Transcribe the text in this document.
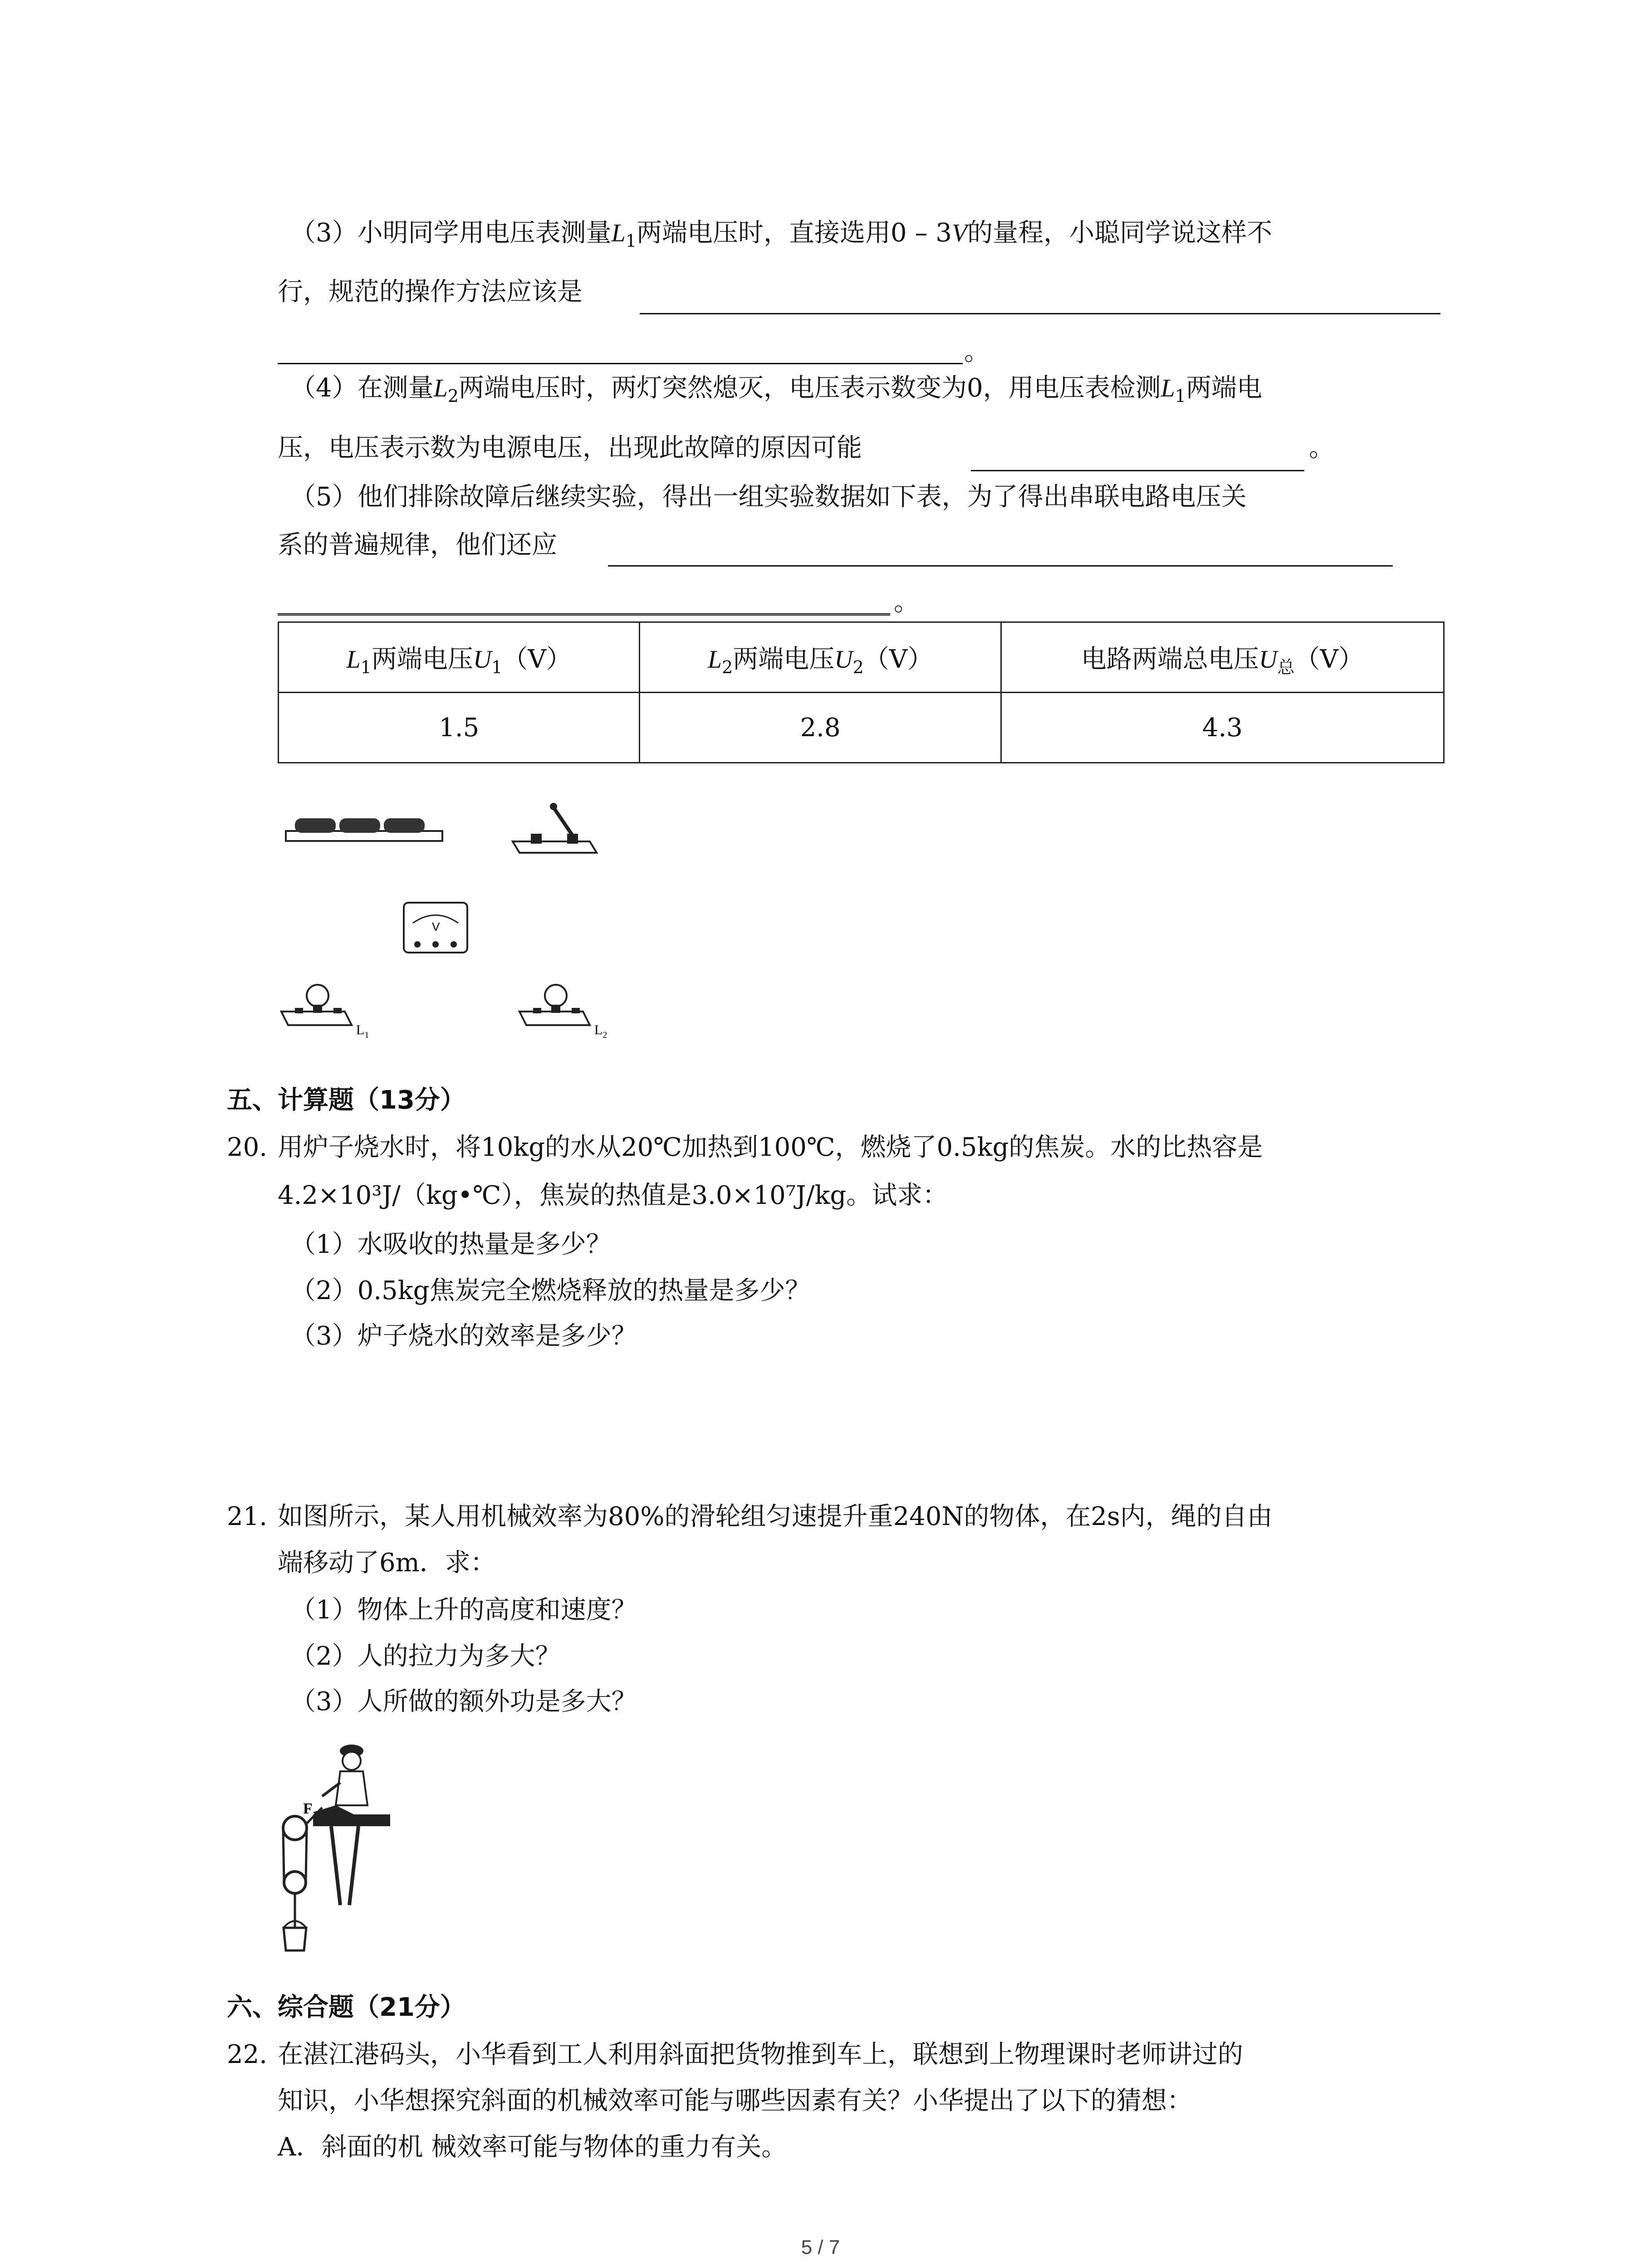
（3）小明同学用电压表测量$L_1$两端电压时，直接选用0 – 3V的量程，小聪同学说这样不
行，规范的操作方法应该是
。
（4）在测量$L_2$两端电压时，两灯突然熄灭，电压表示数变为0，用电压表检测$L_1$两端电
压，电压表示数为电源电压，出现此故障的原因可能	。
（5）他们排除故障后继续实验，得出一组实验数据如下表，为了得出串联电路电压关
系的普遍规律，他们还应
。
$L_1$两端电压$U_1(V)$	$L_2$两端电压$U_2(V)$	电路两端总电压$U_总(V)$
1.5	2.8	4.3
V
$L_1$	$L_2$
五、计算题（13分）
20. 用炉子烧水时，将10kg的水从20℃加热到100℃，燃烧了0.5kg的焦炭。水的比热容是
4.2×10³J/（kg•℃），焦炭的热值是3.0×10⁷J/kg。试求：
（1）水吸收的热量是多少？
（2）0.5kg焦炭完全燃烧释放的热量是多少？
（3）炉子烧水的效率是多少？
21. 如图所示，某人用机械效率为80%的滑轮组匀速提升重240N的物体，在2s内，绳的自由
端移动了6m．求：
（1）物体上升的高度和速度？
（2）人的拉力为多大？
（3）人所做的额外功是多大？
F
六、综合题（21分）
22. 在湛江港码头，小华看到工人利用斜面把货物推到车上，联想到上物理课时老师讲过的
知识，小华想探究斜面的机械效率可能与哪些因素有关？小华提出了以下的猜想：
A．斜面的机 械效率可能与物体的重力有关。
5 / 7
